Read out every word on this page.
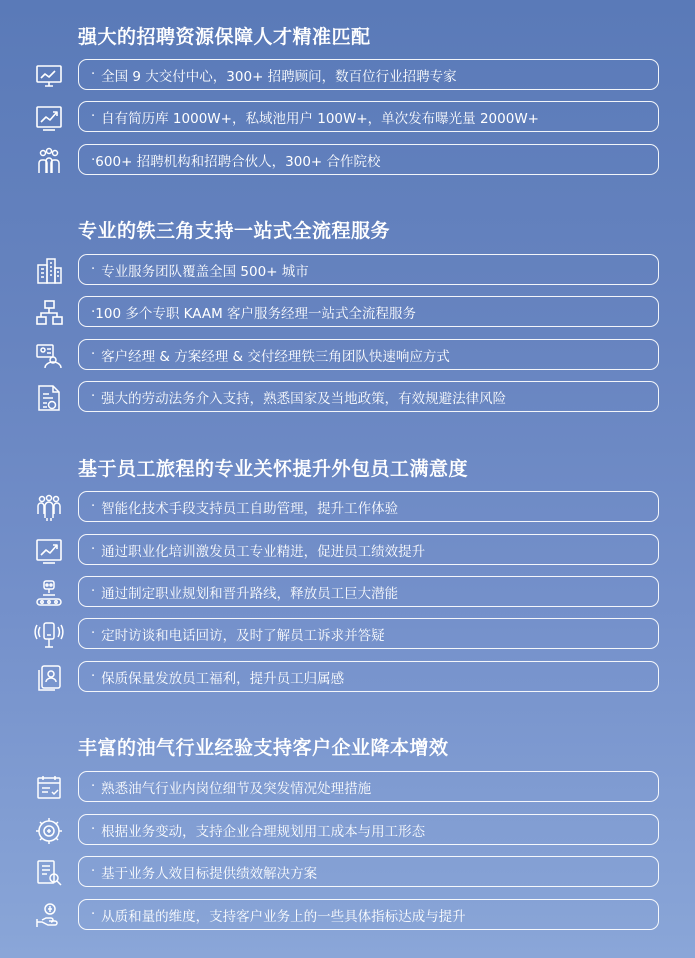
强大的招聘资源保障人才精准匹配
· 全国 9 大交付中心，300+ 招聘顾问，数百位行业招聘专家
· 自有简历库 1000W+，私域池用户 100W+，单次发布曝光量 2000W+
· 600+ 招聘机构和招聘合伙人，300+ 合作院校
专业的铁三角支持一站式全流程服务
· 专业服务团队覆盖全国 500+ 城市
· 100 多个专职 KAAM 客户服务经理一站式全流程服务
· 客户经理 & 方案经理 & 交付经理铁三角团队快速响应方式
· 强大的劳动法务介入支持，熟悉国家及当地政策，有效规避法律风险
基于员工旅程的专业关怀提升外包员工满意度
· 智能化技术手段支持员工自助管理，提升工作体验
· 通过职业化培训激发员工专业精进，促进员工绩效提升
· 通过制定职业规划和晋升路线，释放员工巨大潜能
· 定时访谈和电话回访，及时了解员工诉求并答疑
· 保质保量发放员工福利，提升员工归属感
丰富的油气行业经验支持客户企业降本增效
· 熟悉油气行业内岗位细节及突发情况处理措施
· 根据业务变动，支持企业合理规划用工成本与用工形态
· 基于业务人效目标提供绩效解决方案
· 从质和量的维度，支持客户业务上的一些具体指标达成与提升
